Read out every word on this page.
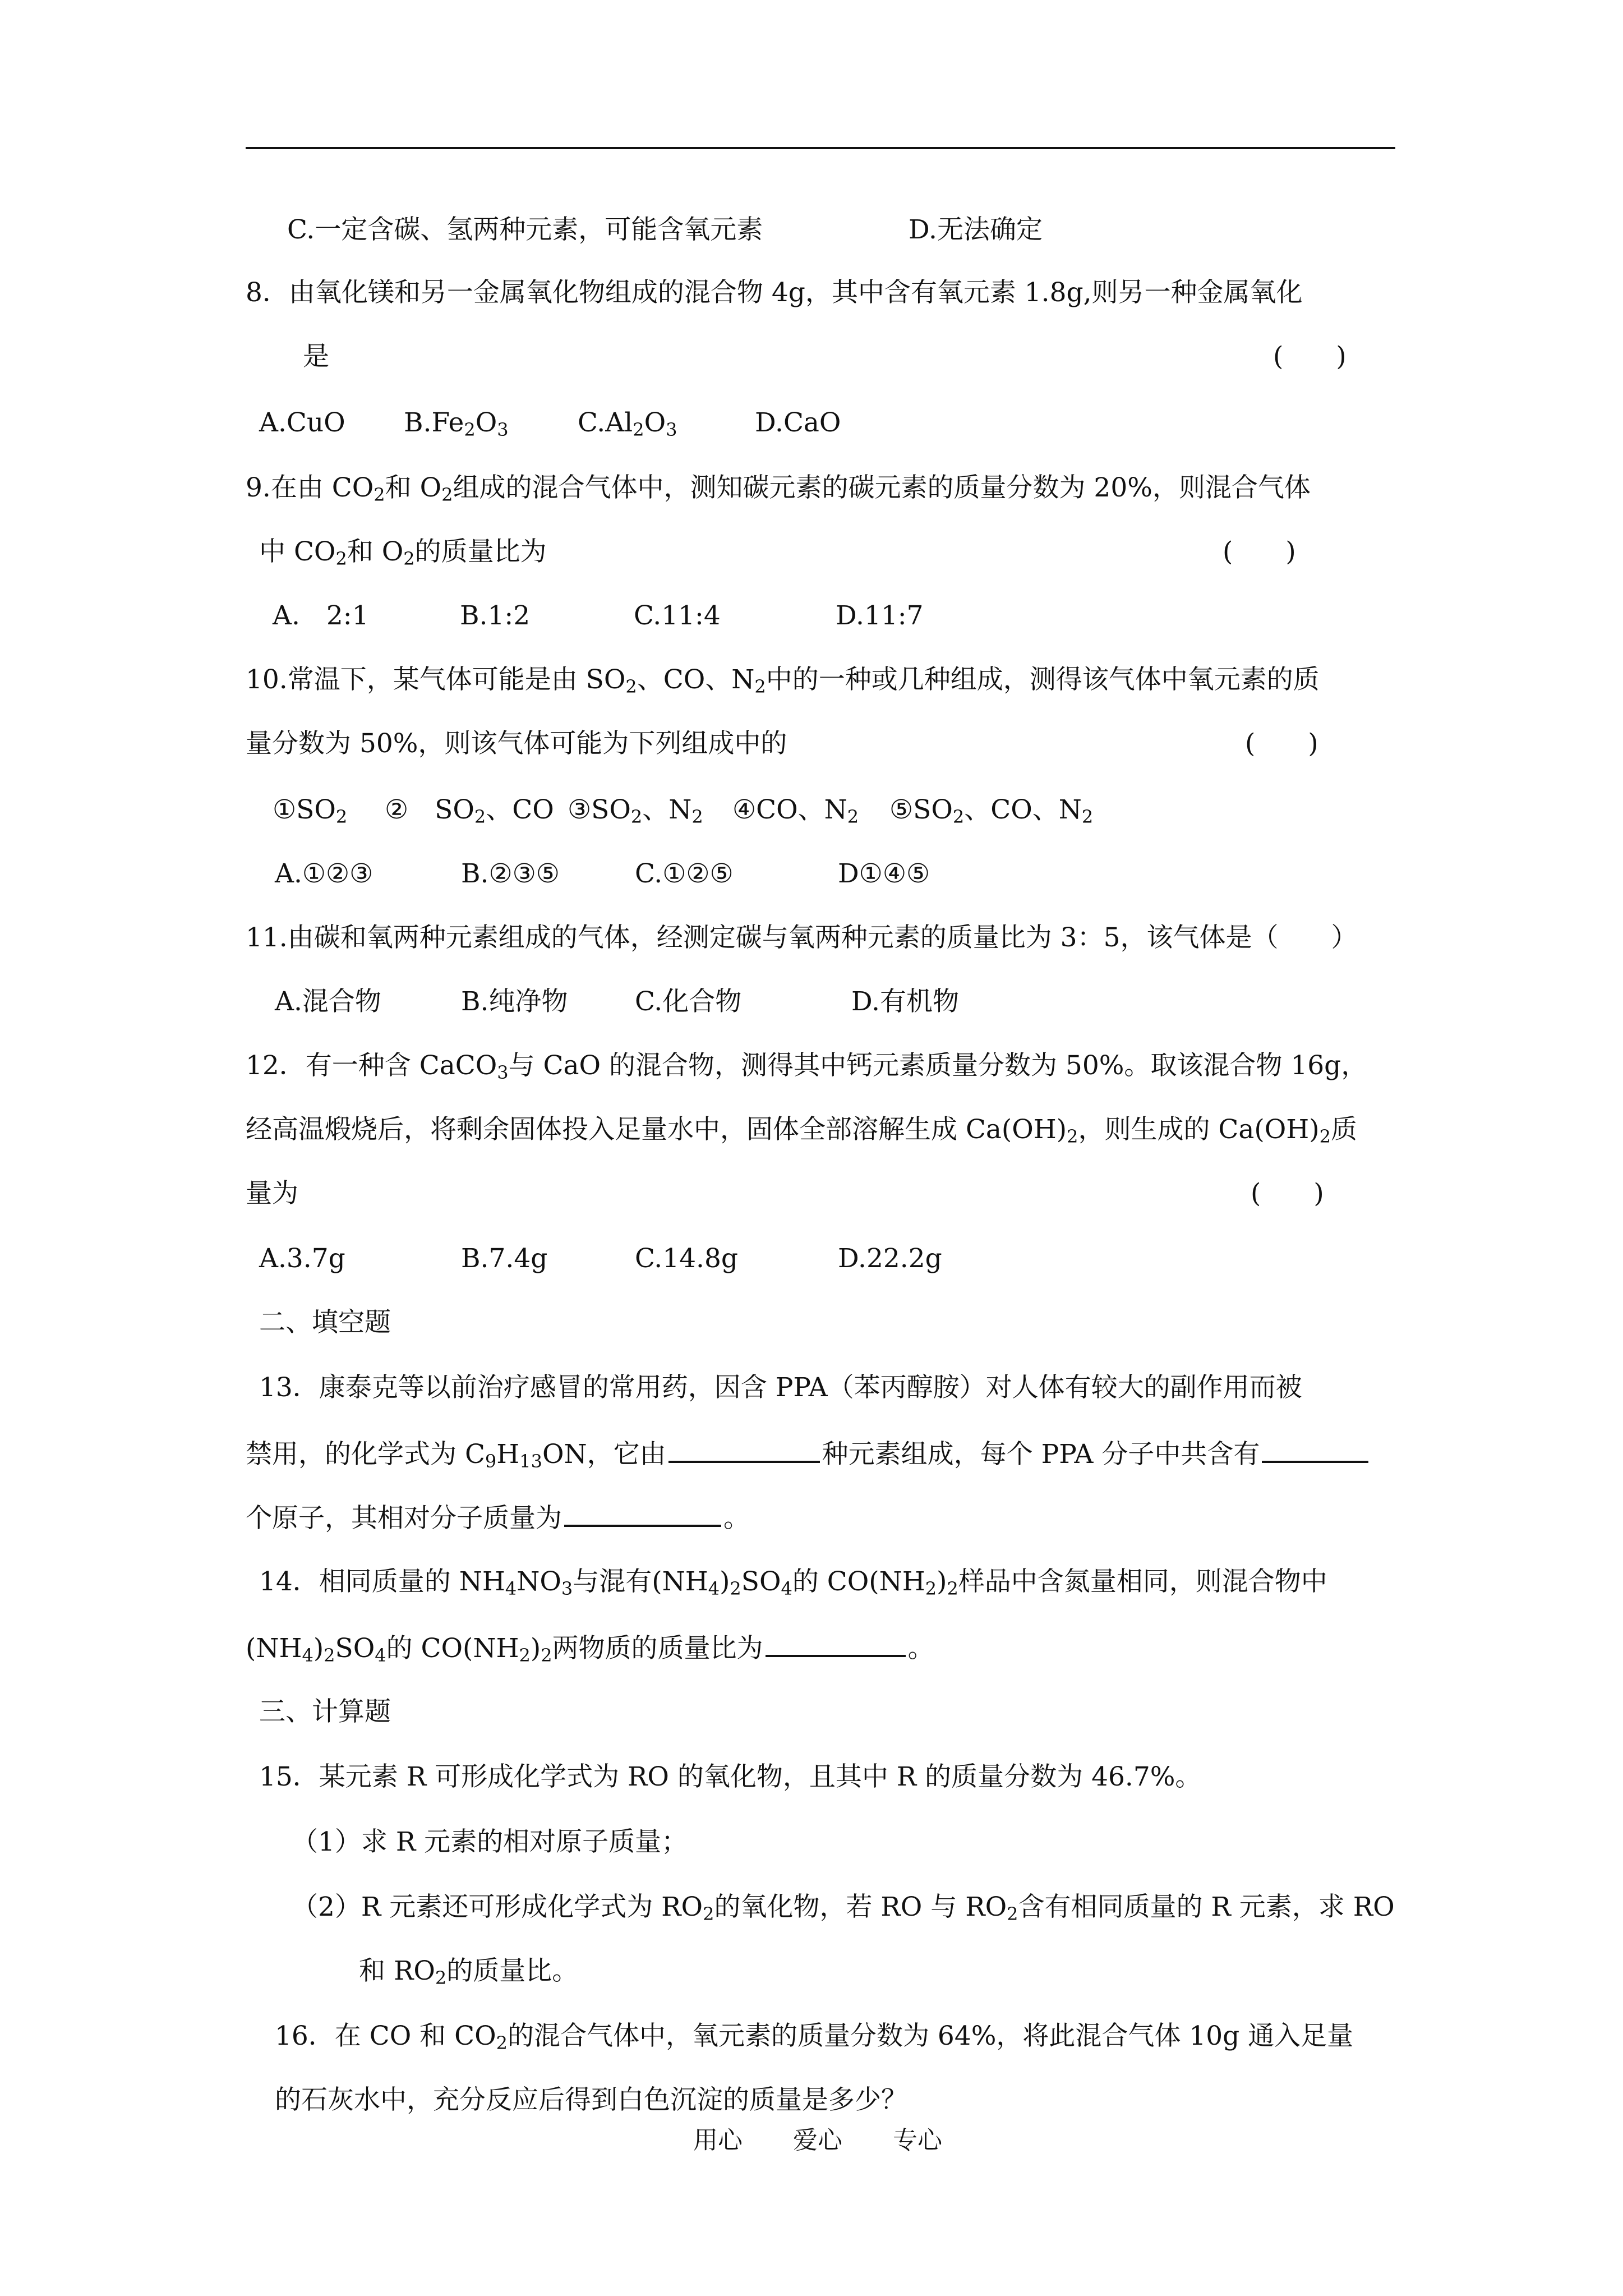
C.一定含碳、氢两种元素，可能含氧元素	D.无法确定
8．由氧化镁和另一金属氧化物组成的混合物 4g，其中含有氧元素 1.8g,则另一种金属氧化
是	(　　)
A.CuO $B.Fe_2O_3$	$C.Al_2O_3$	D.CaO
9.在由 $CO_2$和 $O_2$组成的混合气体中，测知碳元素的碳元素的质量分数为 20%，则混合气体
中 $CO_2$和 $O_2$的质量比为	(　　)
A.　2:1	B.1:2	C.11:4	D.11:7
10.常温下，某气体可能是由 $SO_2$、CO、$N_2$中的一种或几种组成，测得该气体中氧元素的质
量分数为 50%，则该气体可能为下列组成中的	(　　)
$①SO_2$ ②　$SO_2$、CO $③SO_2$、$N_2$ ④CO、$N_2$ $⑤SO_2$、CO、$N_2$
A.①②③	B.②③⑤	C.①②⑤	D①④⑤
11.由碳和氧两种元素组成的气体，经测定碳与氧两种元素的质量比为 3：5，该气体是（　　）
A.混合物	B.纯净物	C.化合物	D.有机物
12．有一种含 CaCO$_3$与 CaO 的混合物，测得其中钙元素质量分数为 50%。取该混合物 16g，
经高温煅烧后，将剩余固体投入足量水中，固体全部溶解生成 $Ca(OH)_2$，则生成的 $Ca(OH)_2$质
量为	(　　)
A.3.7g	B.7.4g	C.14.8g	D.22.2g
二、填空题
13．康泰克等以前治疗感冒的常用药，因含 PPA（苯丙醇胺）对人体有较大的副作用而被
禁用，的化学式为 $C_9H_{13}ON$，它由	种元素组成，每个 PPA 分子中共含有
个原子，其相对分子质量为	。
14．相同质量的 $NH_4NO_3$与混有$(NH_4)_2SO_4$的 $CO(NH_2)_2$样品中含氮量相同，则混合物中
$(NH_4)_2SO_4$的 $CO(NH_2)_2$两物质的质量比为	。
三、计算题
15．某元素 R 可形成化学式为 RO 的氧化物，且其中 R 的质量分数为 46.7%。
（1）求 R 元素的相对原子质量；
（2）R 元素还可形成化学式为 $RO_2$的氧化物，若 RO 与 $RO_2$含有相同质量的 R 元素，求 RO
和 $RO_2$的质量比。
16．在 CO 和 $CO_2$的混合气体中，氧元素的质量分数为 64%，将此混合气体 10g 通入足量
的石灰水中，充分反应后得到白色沉淀的质量是多少？
用心 爱心 专心
